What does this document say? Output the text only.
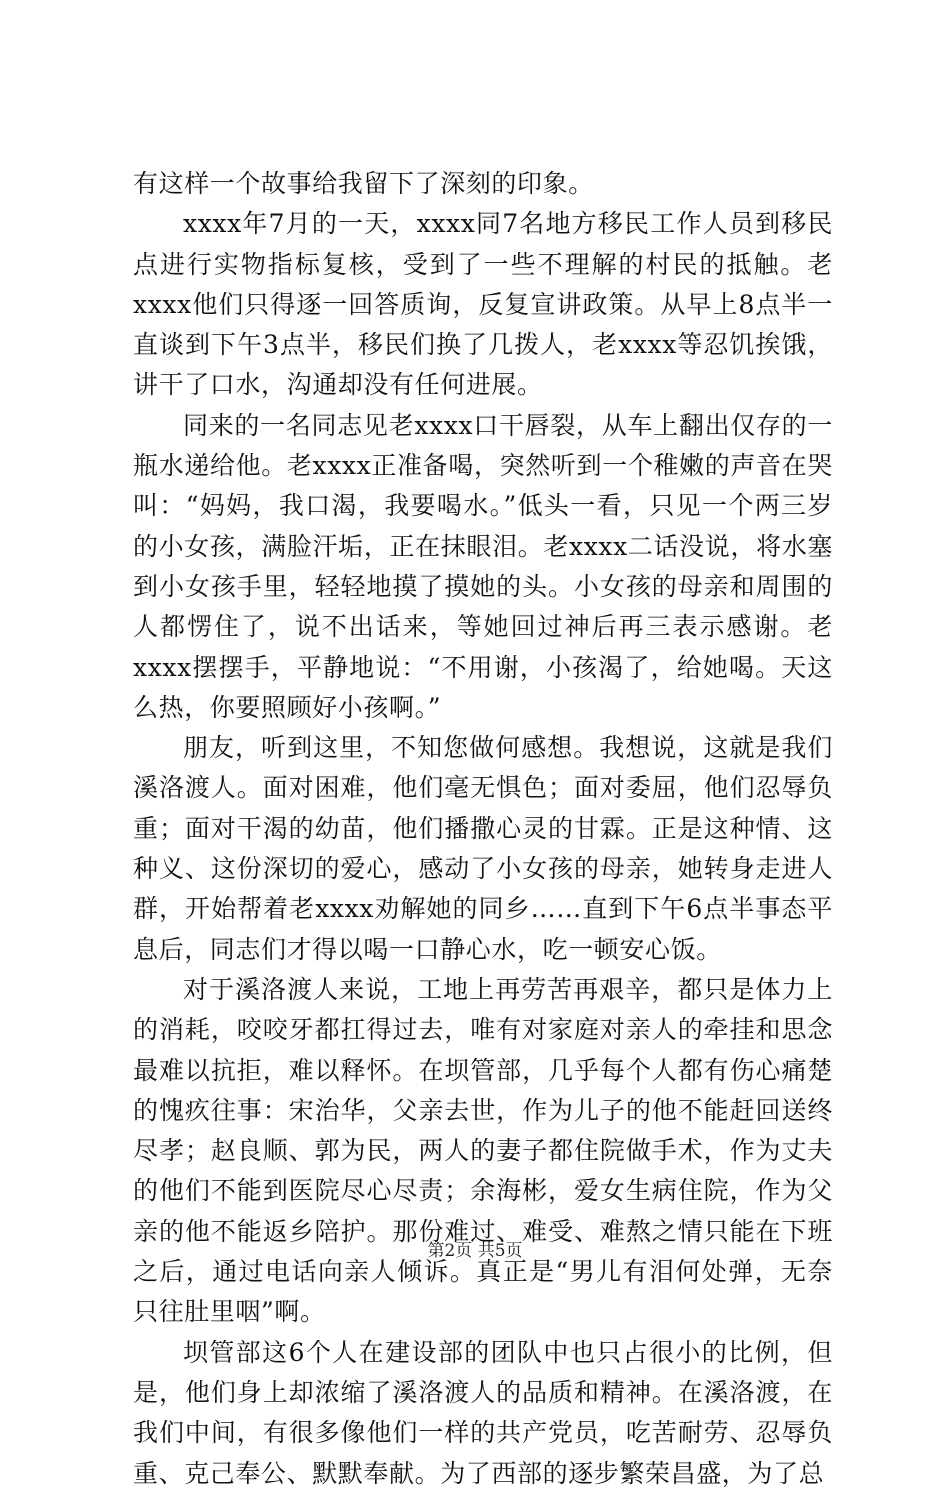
有这样一个故事给我留下了深刻的印象。

xxxx年7月的一天，xxxx同7名地方移民工作人员到移民点进行实物指标复核，受到了一些不理解的村民的抵触。老xxxx他们只得逐一回答质询，反复宣讲政策。从早上8点半一直谈到下午3点半，移民们换了几拨人，老xxxx等忍饥挨饿，讲干了口水，沟通却没有任何进展。

同来的一名同志见老xxxx口干唇裂，从车上翻出仅存的一瓶水递给他。老xxxx正准备喝，突然听到一个稚嫩的声音在哭叫：“妈妈，我口渴，我要喝水。”低头一看，只见一个两三岁的小女孩，满脸汗垢，正在抹眼泪。老xxxx二话没说，将水塞到小女孩手里，轻轻地摸了摸她的头。小女孩的母亲和周围的人都愣住了，说不出话来，等她回过神后再三表示感谢。老xxxx摆摆手，平静地说：“不用谢，小孩渴了，给她喝。天这么热，你要照顾好小孩啊。”

朋友，听到这里，不知您做何感想。我想说，这就是我们溪洛渡人。面对困难，他们毫无惧色；面对委屈，他们忍辱负重；面对干渴的幼苗，他们播撒心灵的甘霖。正是这种情、这种义、这份深切的爱心，感动了小女孩的母亲，她转身走进人群，开始帮着老xxxx劝解她的同乡……直到下午6点半事态平息后，同志们才得以喝一口静心水，吃一顿安心饭。

对于溪洛渡人来说，工地上再劳苦再艰辛，都只是体力上的消耗，咬咬牙都扛得过去，唯有对家庭对亲人的牵挂和思念最难以抗拒，难以释怀。在坝管部，几乎每个人都有伤心痛楚的愧疚往事：宋治华，父亲去世，作为儿子的他不能赶回送终尽孝；赵良顺、郭为民，两人的妻子都住院做手术，作为丈夫的他们不能到医院尽心尽责；余海彬，爱女生病住院，作为父亲的他不能返乡陪护。那份难过、难受、难熬之情只能在下班之后，通过电话向亲人倾诉。真正是“男儿有泪何处弹，无奈只往肚里咽”啊。

坝管部这6个人在建设部的团队中也只占很小的比例，但是，他们身上却浓缩了溪洛渡人的品质和精神。在溪洛渡，在我们中间，有很多像他们一样的共产党员，吃苦耐劳、忍辱负重、克己奉公、默默奉献。为了西部的逐步繁荣昌盛，为了总

第2页 共5页
